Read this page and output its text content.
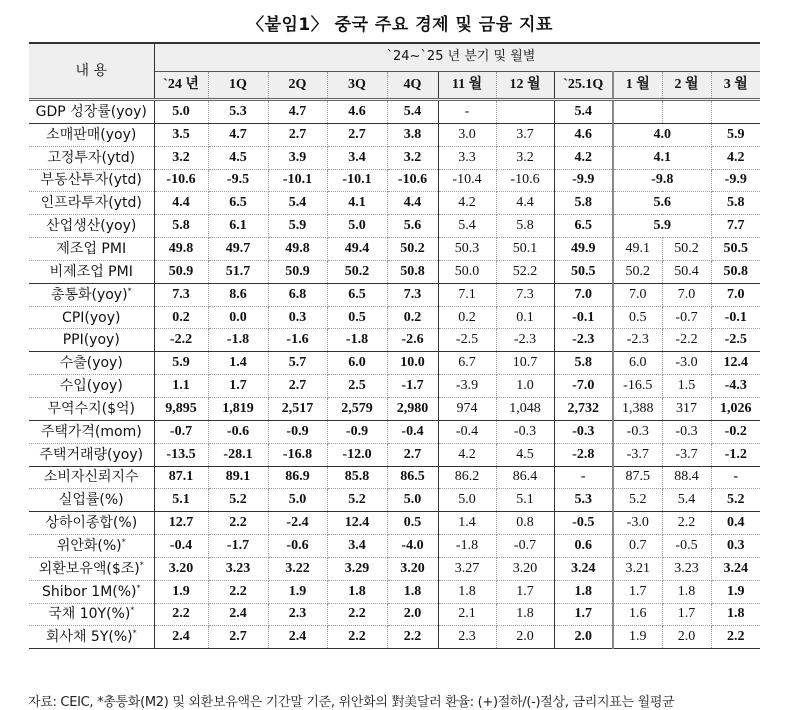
〈붙임1〉 중국 주요 경제 및 금융 지표
내 용	`24~`25 년 분기 및 월별										
	`24 년	1Q	2Q	3Q	4Q	11 월	12 월	`25.1Q	1 월	2 월	3 월
GDP 성장률(yoy)	5.0	5.3	4.7	4.6	5.4	-		5.4			
소매판매(yoy)	3.5	4.7	2.7	2.7	3.8	3.0	3.7	4.6	4.0		5.9
고정투자(ytd)	3.2	4.5	3.9	3.4	3.2	3.3	3.2	4.2	4.1		4.2
부동산투자(ytd)	-10.6	-9.5	-10.1	-10.1	-10.6	-10.4	-10.6	-9.9	-9.8		-9.9
인프라투자(ytd)	4.4	6.5	5.4	4.1	4.4	4.2	4.4	5.8	5.6		5.8
산업생산(yoy)	5.8	6.1	5.9	5.0	5.6	5.4	5.8	6.5	5.9		7.7
제조업 PMI	49.8	49.7	49.8	49.4	50.2	50.3	50.1	49.9	49.1	50.2	50.5
비제조업 PMI	50.9	51.7	50.9	50.2	50.8	50.0	52.2	50.5	50.2	50.4	50.8
총통화(yoy)*	7.3	8.6	6.8	6.5	7.3	7.1	7.3	7.0	7.0	7.0	7.0
CPI(yoy)	0.2	0.0	0.3	0.5	0.2	0.2	0.1	-0.1	0.5	-0.7	-0.1
PPI(yoy)	-2.2	-1.8	-1.6	-1.8	-2.6	-2.5	-2.3	-2.3	-2.3	-2.2	-2.5
수출(yoy)	5.9	1.4	5.7	6.0	10.0	6.7	10.7	5.8	6.0	-3.0	12.4
수입(yoy)	1.1	1.7	2.7	2.5	-1.7	-3.9	1.0	-7.0	-16.5	1.5	-4.3
무역수지($억)	9,895	1,819	2,517	2,579	2,980	974	1,048	2,732	1,388	317	1,026
주택가격(mom)	-0.7	-0.6	-0.9	-0.9	-0.4	-0.4	-0.3	-0.3	-0.3	-0.3	-0.2
주택거래량(yoy)	-13.5	-28.1	-16.8	-12.0	2.7	4.2	4.5	-2.8	-3.7	-3.7	-1.2
소비자신뢰지수	87.1	89.1	86.9	85.8	86.5	86.2	86.4	-	87.5	88.4	-
실업률(%)	5.1	5.2	5.0	5.2	5.0	5.0	5.1	5.3	5.2	5.4	5.2
상하이종합(%)	12.7	2.2	-2.4	12.4	0.5	1.4	0.8	-0.5	-3.0	2.2	0.4
위안화(%)*	-0.4	-1.7	-0.6	3.4	-4.0	-1.8	-0.7	0.6	0.7	-0.5	0.3
외환보유액($조)*	3.20	3.23	3.22	3.29	3.20	3.27	3.20	3.24	3.21	3.23	3.24
Shibor 1M(%)*	1.9	2.2	1.9	1.8	1.8	1.8	1.7	1.8	1.7	1.8	1.9
국채 10Y(%)*	2.2	2.4	2.3	2.2	2.0	2.1	1.8	1.7	1.6	1.7	1.8
회사채 5Y(%)*	2.4	2.7	2.4	2.2	2.2	2.3	2.0	2.0	1.9	2.0	2.2
자료: CEIC, *총통화(M2) 및 외환보유액은 기간말 기준, 위안화의 對美달러 환율: (+)절하/(-)절상, 금리지표는 월평균
